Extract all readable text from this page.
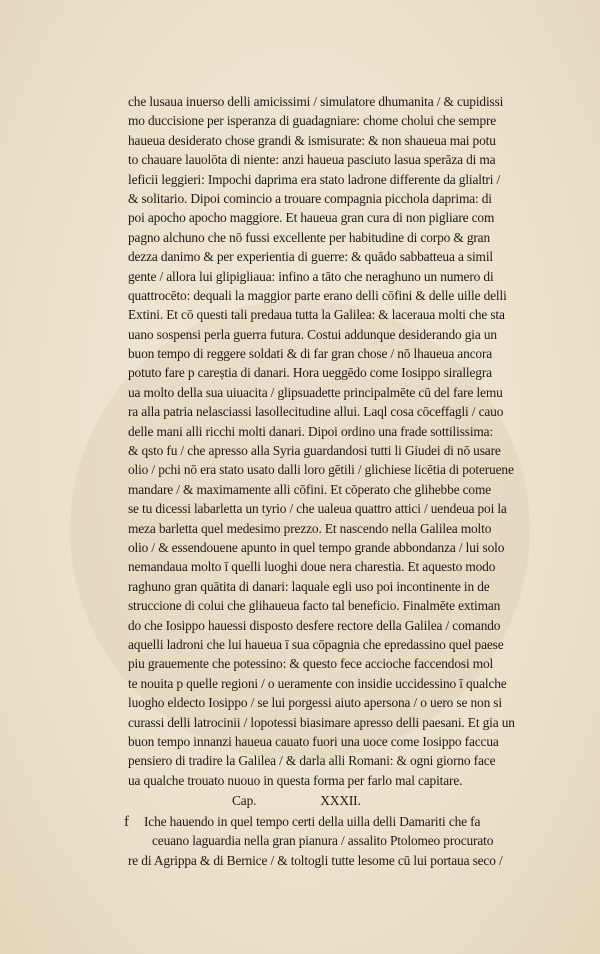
che lusaua inuerso delli amicissimi / simulatore dhumanita / & cupidissi
mo duccisione per isperanza di guadagniare: chome cholui che sempre
haueua desiderato chose grandi & ismisurate: & non shaueua mai potu
to chauare lauolōta di niente: anzi haueua pasciuto lasua sperāza di ma
leficii leggieri: Impochi daprima era stato ladrone differente da glialtri /
& solitario. Dipoi comincio a trouare compagnia picchola daprima: di
poi apocho apocho maggiore. Et haueua gran cura di non pigliare com
pagno alchuno che nō fussi excellente per habitudine di corpo & gran
dezza danimo & per experientia di guerre: & quādo sabbatteua a simil
gente / allora lui glipigliaua: infino a tāto che neraghuno un numero di
quattrocēto: dequali la maggior parte erano delli cōfini & delle uille delli
Extini. Et cō questi tali predaua tutta la Galilea: & laceraua molti che sta
uano sospensi perla guerra futura. Costui addunque desiderando gia un
buon tempo di reggere soldati & di far gran chose / nō lhaueua ancora
potuto fare p careștia di danari. Hora ueggēdo come Iosippo sirallegra
ua molto della sua uiuacita / glipsuadette principalmēte cū del fare lemu
ra alla patria nelasciassi lasollecitudine allui. Laql cosa cōceffagli / cauo
delle mani alli ricchi molti danari. Dipoi ordino una frade sottilissima:
& qsto fu / che apresso alla Syria guardandosi tutti li Giudei di nō usare
olio / pchi nō era stato usato dalli loro gētili / glichiese licētia di poteruene
mandare / & maximamente alli cōfini. Et cōperato che glihebbe come
se tu dicessi labarletta un tyrio / che ualeua quattro attici / uendeua poi la
meza barletta quel medesimo prezzo. Et nascendo nella Galilea molto
olio / & essendouene apunto in quel tempo grande abbondanza / lui solo
nemandaua molto ī quelli luoghi doue nera charestia. Et aquesto modo
raghuno gran quātita di danari: laquale egli uso poi incontinente in de
struccione di colui che glihaueua facto tal beneficio. Finalmēte extiman
do che Iosippo hauessi disposto desfere rectore della Galilea / comando
aquelli ladroni che lui haueua ī sua cōpagnia che epredassino quel paese
piu grauemente che potessino: & questo fece accioche faccendosi mol
te nouita p quelle regioni / o ueramente con insidie uccidessino ī qualche
luogho eldecto Iosippo / se lui porgessi aiuto apersona / o uero se non si
curassi delli latrocinii / lopotessi biasimare apresso delli paesani. Et gia un
buon tempo innanzi haueua cauato fuori una uoce come Iosippo faccua
pensiero di tradire la Galilea / & darla alli Romani: & ogni giorno face
ua qualche trouato nuouo in questa forma per farlo mal capitare.
Cap.	XXXII.
f Iche hauendo in quel tempo certi della uilla delli Damariti che fa
ceuano laguardia nella gran pianura / assalito Ptolomeo procurato
re di Agrippa & di Bernice / & toltogli tutte lesome cū lui portaua seco /
